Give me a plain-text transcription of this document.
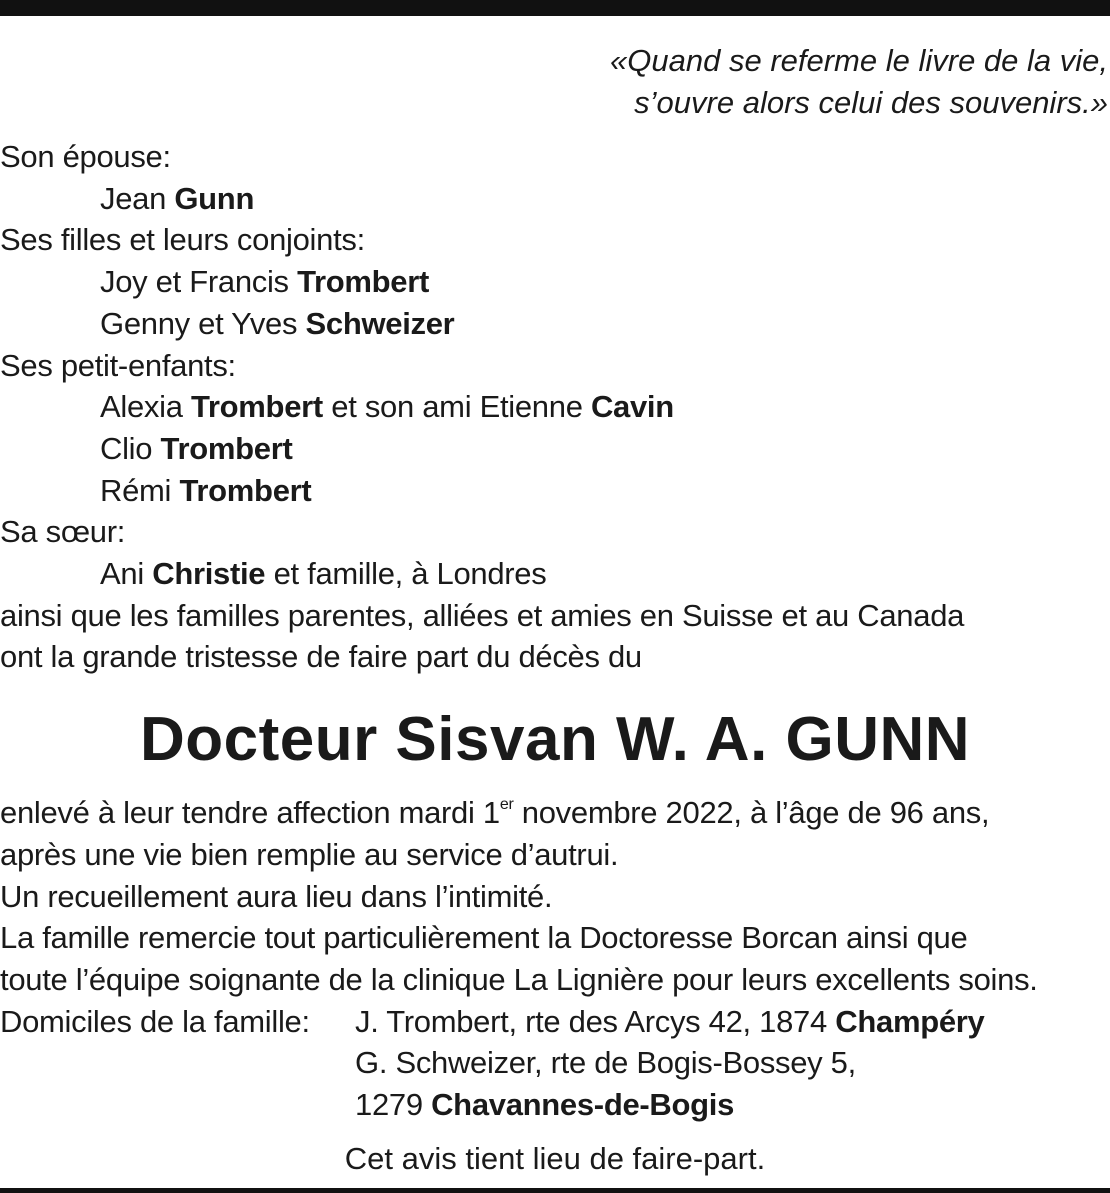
«Quand se referme le livre de la vie,
s’ouvre alors celui des souvenirs.»
Son épouse:
Jean Gunn
Ses filles et leurs conjoints:
Joy et Francis Trombert
Genny et Yves Schweizer
Ses petit-enfants:
Alexia Trombert et son ami Etienne Cavin
Clio Trombert
Rémi Trombert
Sa sœur:
Ani Christie et famille, à Londres
ainsi que les familles parentes, alliées et amies en Suisse et au Canada
ont la grande tristesse de faire part du décès du
Docteur Sisvan W. A. GUNN
enlevé à leur tendre affection mardi 1er novembre 2022, à l’âge de 96 ans,
après une vie bien remplie au service d’autrui.
Un recueillement aura lieu dans l’intimité.
La famille remercie tout particulièrement la Doctoresse Borcan ainsi que
toute l’équipe soignante de la clinique La Lignière pour leurs excellents soins.
Domiciles de la famille:	J. Trombert, rte des Arcys 42, 1874 Champéry
G. Schweizer, rte de Bogis-Bossey 5,
1279 Chavannes-de-Bogis
Cet avis tient lieu de faire-part.
